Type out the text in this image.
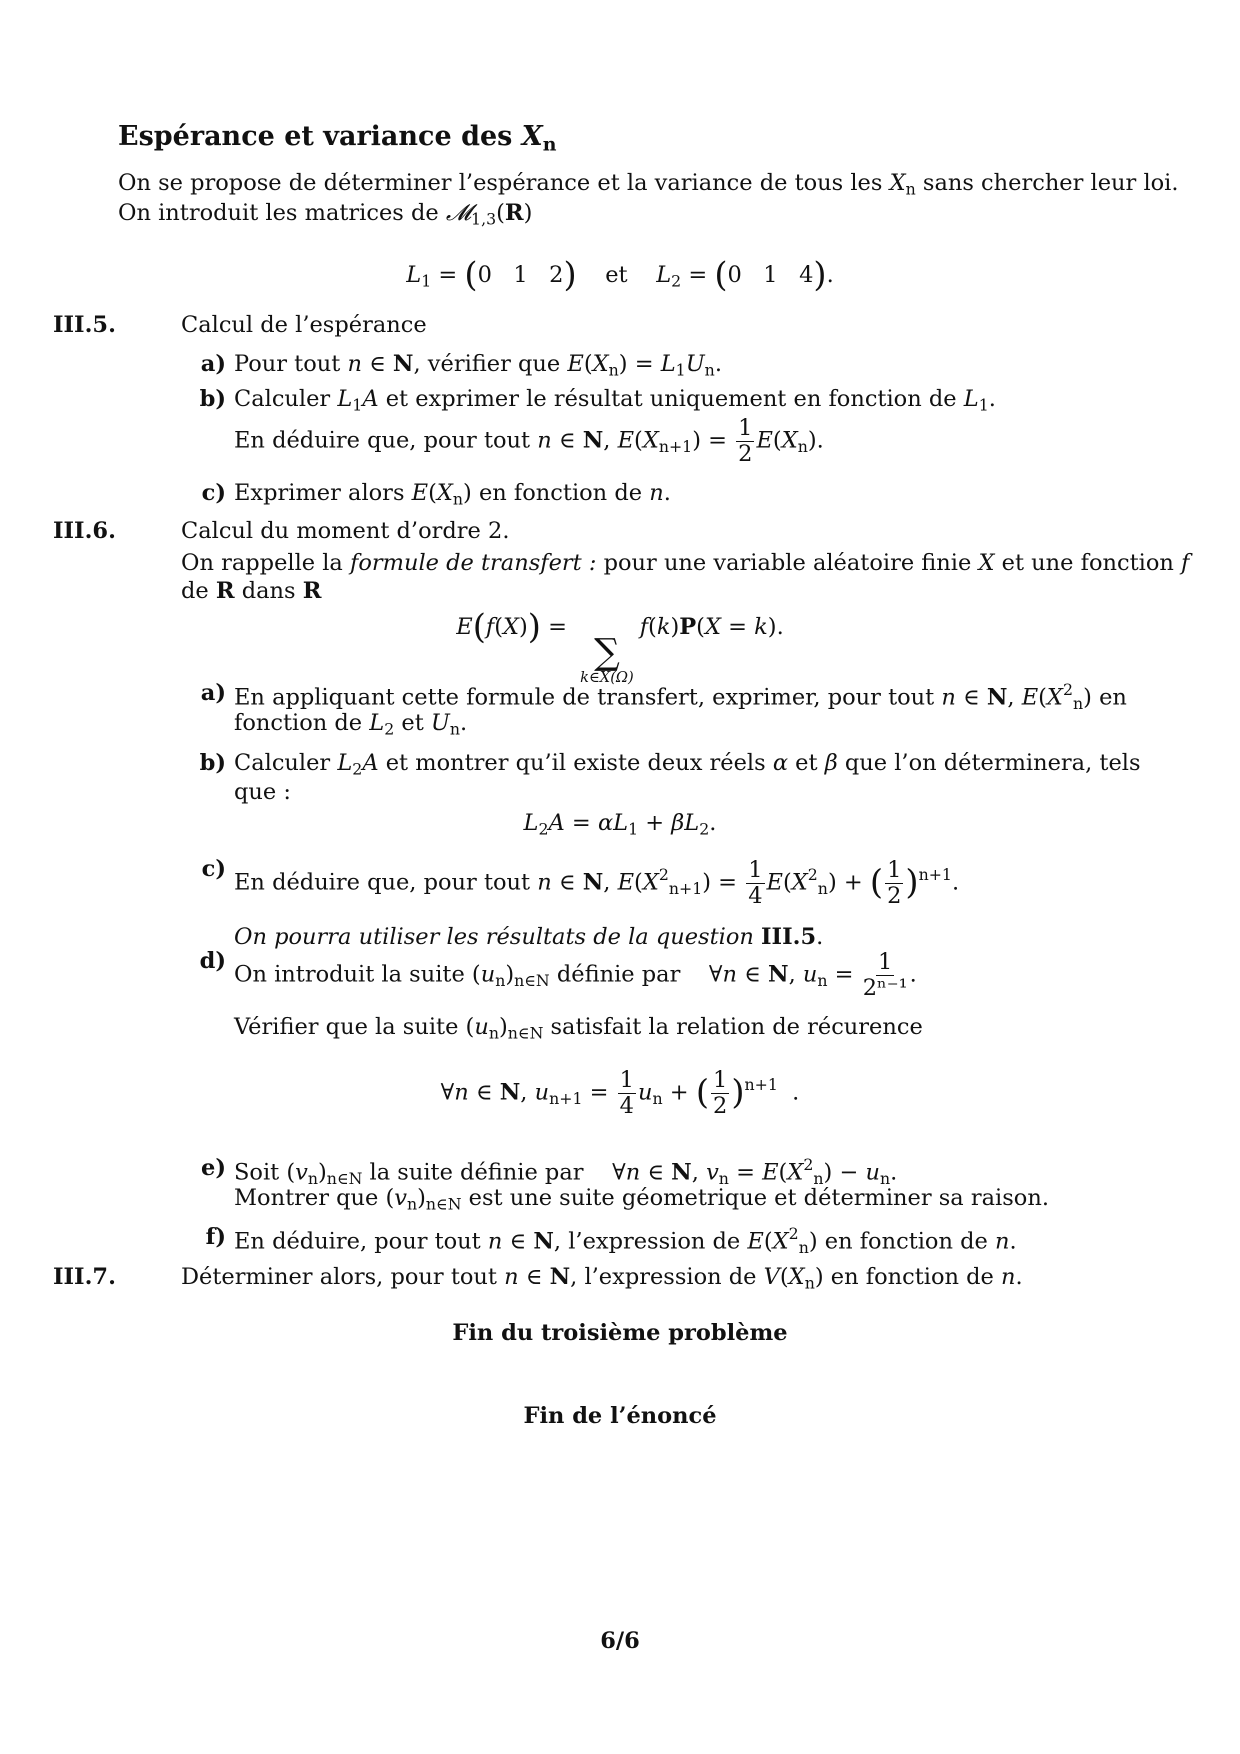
Espérance et variance des $X_n$
On se propose de déterminer l’espérance et la variance de tous les $X_n$ sans chercher leur loi.
On introduit les matrices de 𝓜$_{1,3}$(R)
$L_1 = (0$   1   2)    et    $L_2 = (0$   1   4).
III.5.	Calcul de l’espérance
a) Pour tout n ∈ N, vérifier que $E(X_n) = L_1U_n$.
b) Calculer $L_1A$ et exprimer le résultat uniquement en fonction de $L_1$.
En déduire que, pour tout n ∈ N, $E(X_{n+1}) = \frac{1}{2} E(X_n)$.
c) Exprimer alors $E(X_n)$ en fonction de n.
III.6.	Calcul du moment d’ordre 2.
On rappelle la formule de transfert : pour une variable aléatoire finie X et une fonction f
de R dans R
E(f(X)) =
∑
k∈X(Ω)
f(k)P(X = k).
a) En appliquant cette formule de transfert, exprimer, pour tout n ∈ N, $E(X^2_n)$ en
fonction de $L_2$ et $U_n$.
b) Calculer $L_2A$ et montrer qu’il existe deux réels α et β que l’on déterminera, tels
que :
$L_2A = \alpha L_1 + \beta L_2$.
c)
En déduire que, pour tout n ∈ N, $E(X^2_{n+1}) = \frac{1}{4} E(X^2_n)$ + ( $\frac{1}{2} )^{n+1}$.
On pourra utiliser les résultats de la question III.5.
d)
On introduit la suite $(u_n)_{n\in N}$ définie par    ∀n ∈ N, $u_n = \frac{1}{\text{2ⁿ⁻¹}}$ .
Vérifier que la suite $(u_n)_{n\in N}$ satisfait la relation de récurence
∀n ∈ N, $u_{n+1} = \frac{1}{4} u_n$ + ( $\frac{1}{2} )^{n+1}$  .
e) Soit $(v_n)_{n\in N}$ la suite définie par    ∀n ∈ N, $v_n = E(X^2_n) - u_n$.
Montrer que $(v_n)_{n\in N}$ est une suite géometrique et déterminer sa raison.
f) En déduire, pour tout n ∈ N, l’expression de $E(X^2_n)$ en fonction de n.
III.7.	Déterminer alors, pour tout n ∈ N, l’expression de $V(X_n)$ en fonction de n.
Fin du troisième problème
Fin de l’énoncé
6/6
